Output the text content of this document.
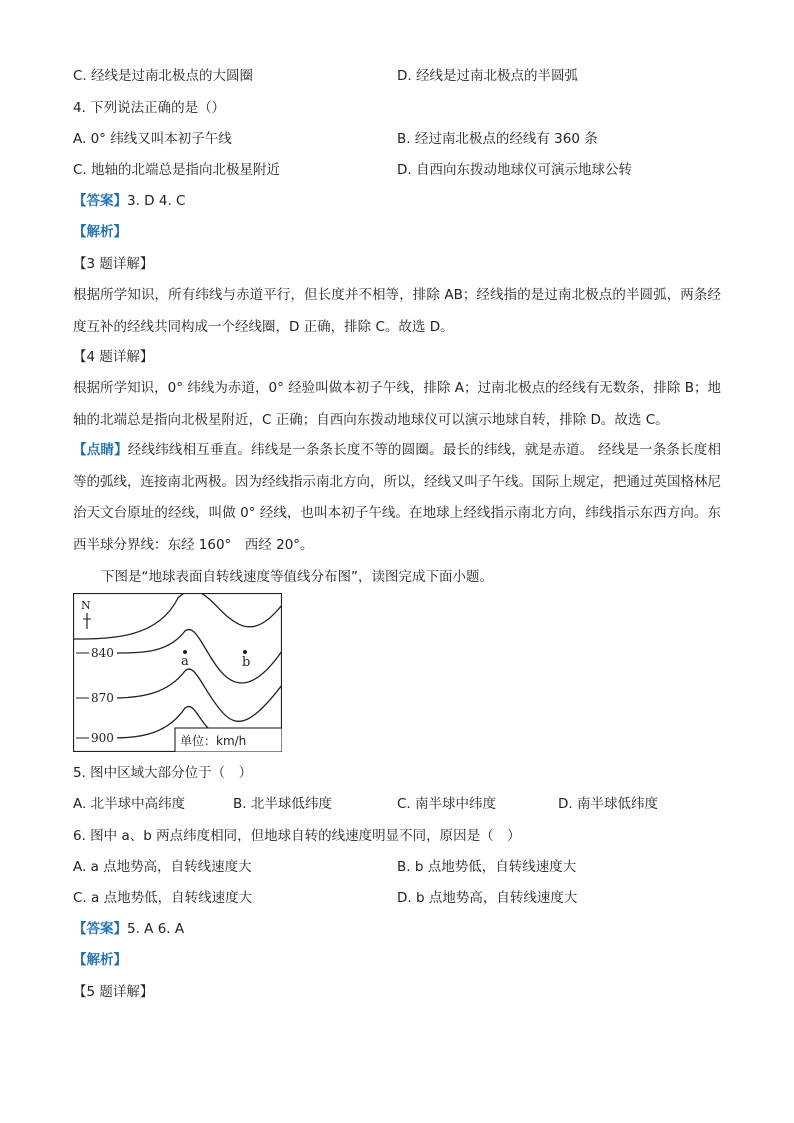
C. 经线是过南北极点的大圆圈	D. 经线是过南北极点的半圆弧
4. 下列说法正确的是（）
A. 0° 纬线又叫本初子午线	B. 经过南北极点的经线有 360 条
C. 地轴的北端总是指向北极星附近	D. 自西向东拨动地球仪可演示地球公转
【答案】3. D 4. C
【解析】
【3 题详解】
根据所学知识，所有纬线与赤道平行，但长度并不相等，排除 AB；经线指的是过南北极点的半圆弧，两条经度互补的经线共同构成一个经线圈，D 正确，排除 C。故选 D。
【4 题详解】
根据所学知识，0° 纬线为赤道，0° 经验叫做本初子午线，排除 A；过南北极点的经线有无数条，排除 B；地轴的北端总是指向北极星附近，C 正确；自西向东拨动地球仪可以演示地球自转，排除 D。故选 C。
【点睛】经线纬线相互垂直。纬线是一条条长度不等的圆圈。最长的纬线，就是赤道。 经线是一条条长度相等的弧线，连接南北两极。因为经线指示南北方向，所以，经线又叫子午线。国际上规定，把通过英国格林尼治天文台原址的经线，叫做 0° 经线，也叫本初子午线。在地球上经线指示南北方向，纬线指示东西方向。东西半球分界线：东经 160°　西经 20°。
下图是“地球表面自转线速度等值线分布图”，读图完成下面小题。
N
840
870
900
a	b
单位：km/h
5. 图中区域大部分位于（　）
A. 北半球中高纬度	B. 北半球低纬度	C. 南半球中纬度	D. 南半球低纬度
6. 图中 a、b 两点纬度相同，但地球自转的线速度明显不同，原因是（　）
A. a 点地势高，自转线速度大	B. b 点地势低，自转线速度大
C. a 点地势低，自转线速度大	D. b 点地势高，自转线速度大
【答案】5. A 6. A
【解析】
【5 题详解】
